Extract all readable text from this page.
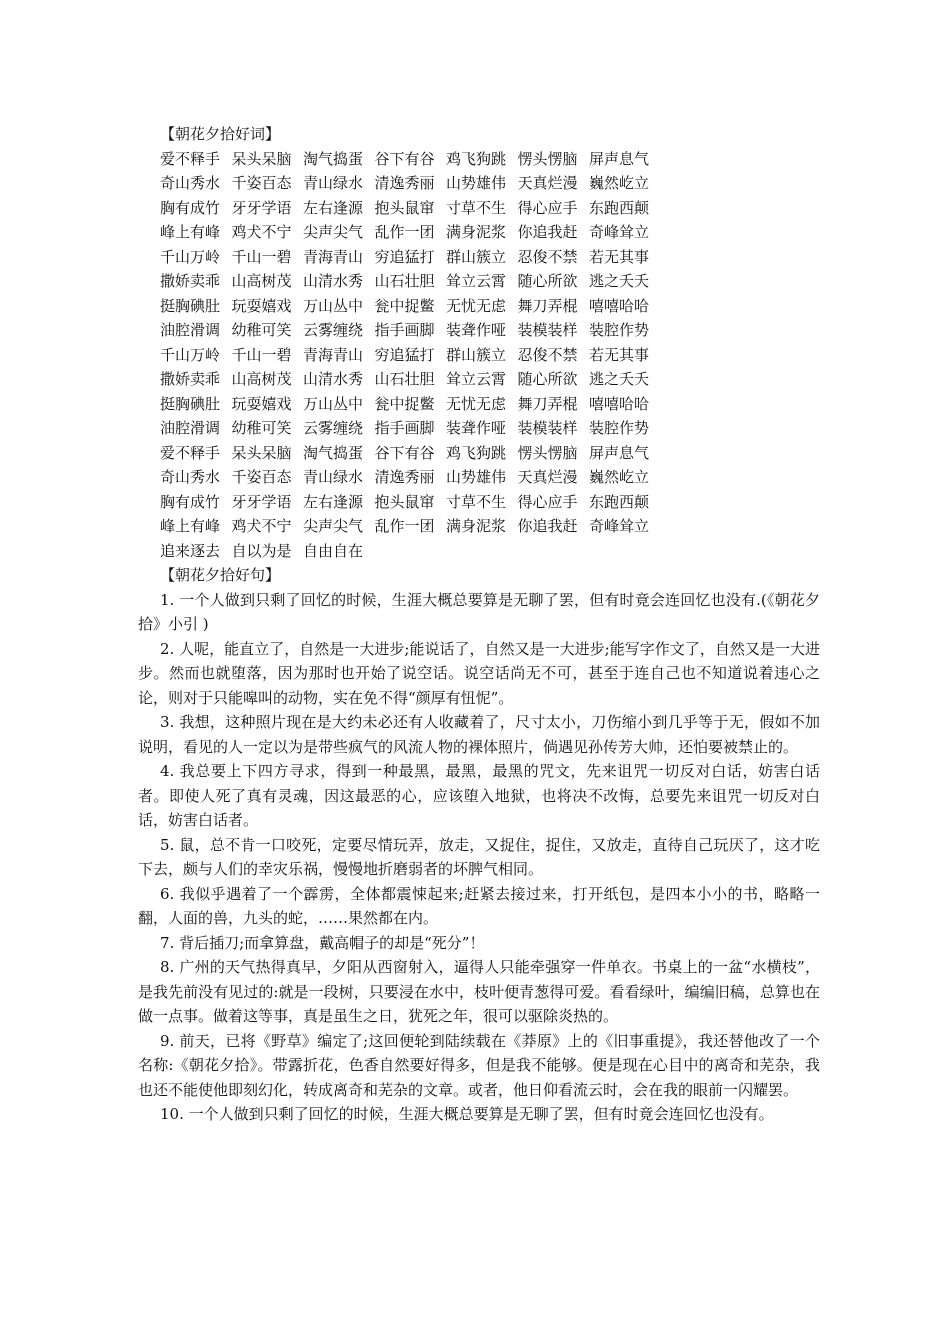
【朝花夕拾好词】
爱不释手 呆头呆脑 淘气捣蛋 谷下有谷 鸡飞狗跳 愣头愣脑 屏声息气
奇山秀水 千姿百态 青山绿水 清逸秀丽 山势雄伟 天真烂漫 巍然屹立
胸有成竹 牙牙学语 左右逢源 抱头鼠窜 寸草不生 得心应手 东跑西颠
峰上有峰 鸡犬不宁 尖声尖气 乱作一团 满身泥浆 你追我赶 奇峰耸立
千山万岭 千山一碧 青海青山 穷追猛打 群山簇立 忍俊不禁 若无其事
撒娇卖乖 山高树茂 山清水秀 山石壮胆 耸立云霄 随心所欲 逃之夭夭
挺胸碘肚 玩耍嬉戏 万山丛中 瓮中捉鳖 无忧无虑 舞刀弄棍 嘻嘻哈哈
油腔滑调 幼稚可笑 云雾缠绕 指手画脚 装聋作哑 装模装样 装腔作势
千山万岭 千山一碧 青海青山 穷追猛打 群山簇立 忍俊不禁 若无其事
撒娇卖乖 山高树茂 山清水秀 山石壮胆 耸立云霄 随心所欲 逃之夭夭
挺胸碘肚 玩耍嬉戏 万山丛中 瓮中捉鳖 无忧无虑 舞刀弄棍 嘻嘻哈哈
油腔滑调 幼稚可笑 云雾缠绕 指手画脚 装聋作哑 装模装样 装腔作势
爱不释手 呆头呆脑 淘气捣蛋 谷下有谷 鸡飞狗跳 愣头愣脑 屏声息气
奇山秀水 千姿百态 青山绿水 清逸秀丽 山势雄伟 天真烂漫 巍然屹立
胸有成竹 牙牙学语 左右逢源 抱头鼠窜 寸草不生 得心应手 东跑西颠
峰上有峰 鸡犬不宁 尖声尖气 乱作一团 满身泥浆 你追我赶 奇峰耸立
追来逐去 自以为是 自由自在
【朝花夕拾好句】

1. 一个人做到只剩了回忆的时候，生涯大概总要算是无聊了罢，但有时竟会连回忆也没有.(《朝花夕拾》小引 )

2. 人呢，能直立了，自然是一大进步;能说话了，自然又是一大进步;能写字作文了，自然又是一大进步。然而也就堕落，因为那时也开始了说空话。说空话尚无不可，甚至于连自己也不知道说着违心之论，则对于只能嗥叫的动物，实在免不得“颜厚有忸怩”。

3. 我想，这种照片现在是大约未必还有人收藏着了，尺寸太小，刀伤缩小到几乎等于无，假如不加说明，看见的人一定以为是带些疯气的风流人物的裸体照片，倘遇见孙传芳大帅，还怕要被禁止的。

4. 我总要上下四方寻求，得到一种最黑，最黑，最黑的咒文，先来诅咒一切反对白话，妨害白话者。即使人死了真有灵魂，因这最恶的心，应该堕入地狱，也将决不改悔，总要先来诅咒一切反对白话，妨害白话者。

5. 鼠，总不肯一口咬死，定要尽情玩弄，放走，又捉住，捉住，又放走，直待自己玩厌了，这才吃下去，颇与人们的幸灾乐祸，慢慢地折磨弱者的坏脾气相同。

6. 我似乎遇着了一个霹雳，全体都震悚起来;赶紧去接过来，打开纸包，是四本小小的书，略略一翻，人面的兽，九头的蛇，……果然都在内。

7. 背后插刀;而拿算盘，戴高帽子的却是“死分”！

8. 广州的天气热得真早，夕阳从西窗射入，逼得人只能牵强穿一件单衣。书桌上的一盆“水横枝”，是我先前没有见过的:就是一段树，只要浸在水中，枝叶便青葱得可爱。看看绿叶，编编旧稿，总算也在做一点事。做着这等事，真是虽生之日，犹死之年，很可以驱除炎热的。

9. 前天，已将《野草》编定了;这回便轮到陆续载在《莽原》上的《旧事重提》，我还替他改了一个名称:《朝花夕拾》。带露折花，色香自然要好得多，但是我不能够。便是现在心目中的离奇和芜杂，我也还不能使他即刻幻化，转成离奇和芜杂的文章。或者，他日仰看流云时，会在我的眼前一闪耀罢。

10. 一个人做到只剩了回忆的时候，生涯大概总要算是无聊了罢，但有时竟会连回忆也没有。
